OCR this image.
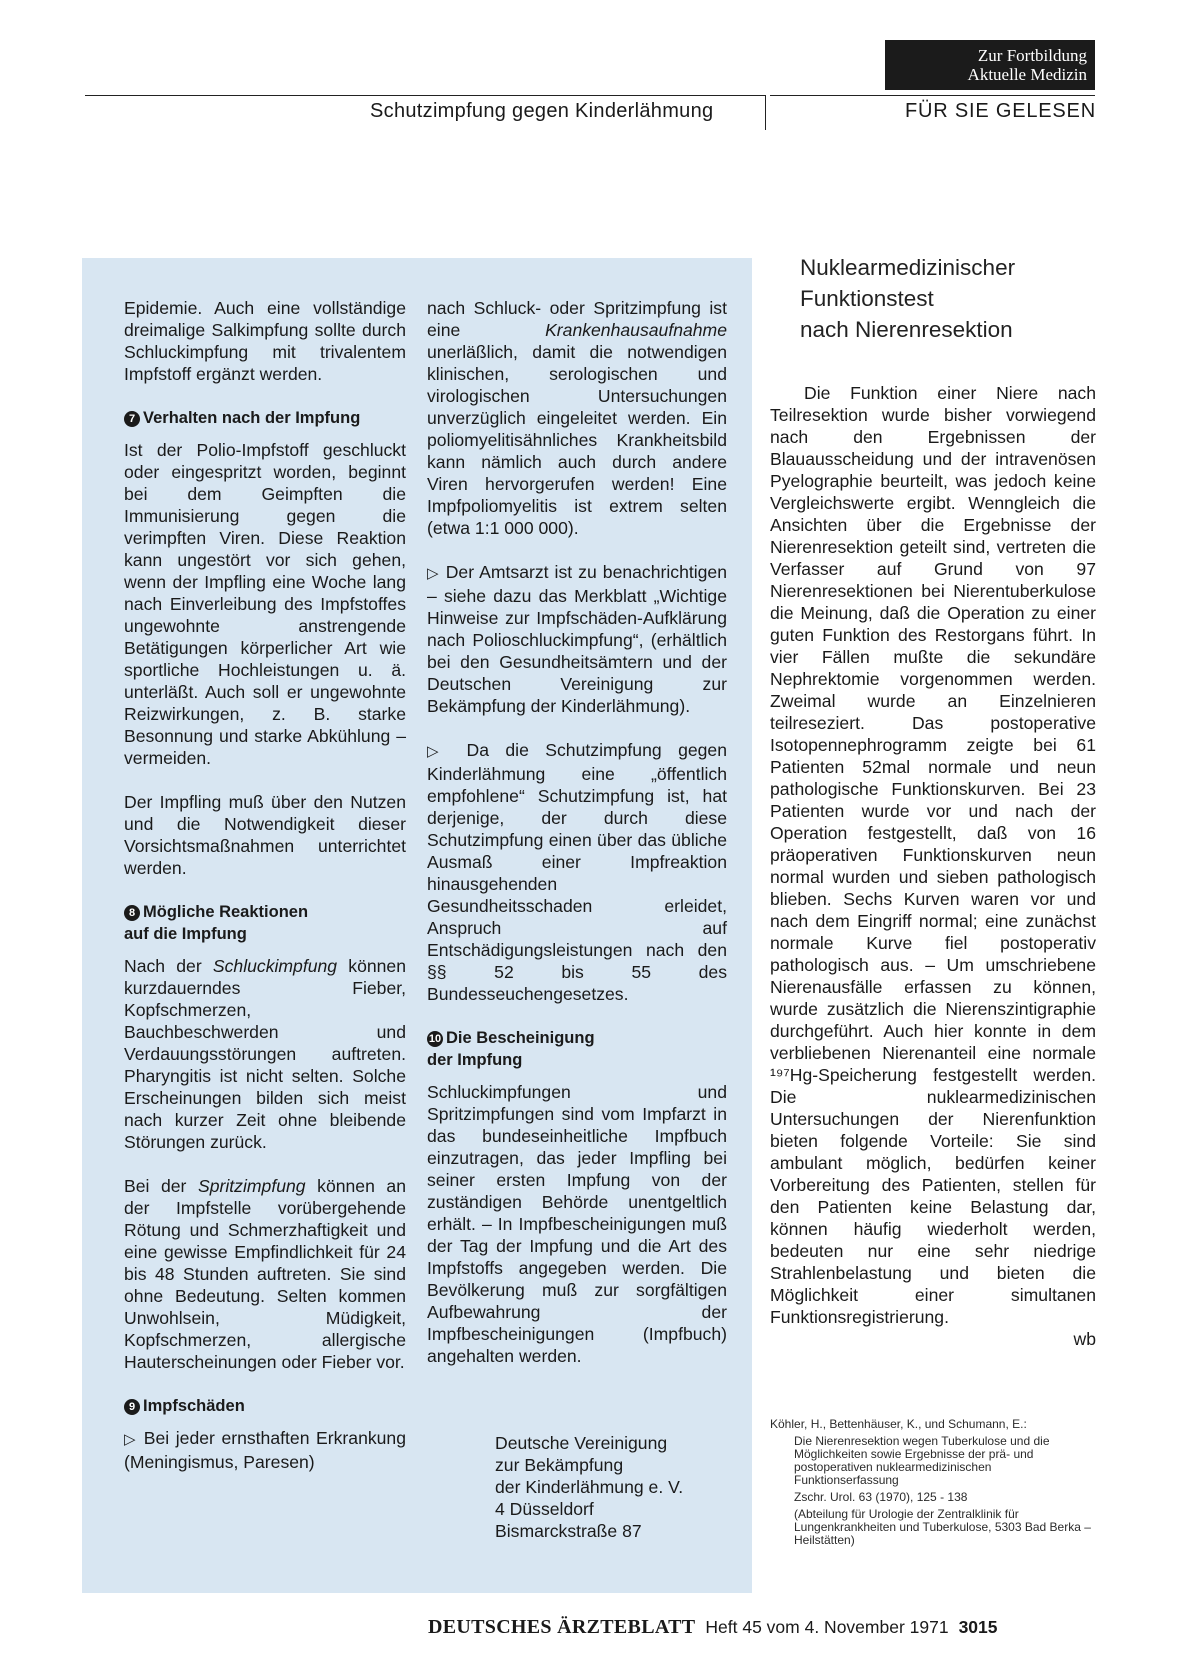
Zur Fortbildung
Aktuelle Medizin
Schutzimpfung gegen Kinderlähmung	FÜR SIE GELESEN

Epidemie. Auch eine vollständige dreimalige Salkimpfung sollte durch Schluckimpfung mit trivalentem Impfstoff ergänzt werden.

7 Verhalten nach der Impfung

Ist der Polio-Impfstoff geschluckt oder eingespritzt worden, beginnt bei dem Geimpften die Immunisierung gegen die verimpften Viren. Diese Reaktion kann ungestört vor sich gehen, wenn der Impfling eine Woche lang nach Einverleibung des Impfstoffes ungewohnte anstrengende Betätigungen körperlicher Art wie sportliche Hochleistungen u. ä. unterläßt. Auch soll er ungewohnte Reizwirkungen, z. B. starke Besonnung und starke Abkühlung – vermeiden.

Der Impfling muß über den Nutzen und die Notwendigkeit dieser Vorsichtsmaßnahmen unterrichtet werden.

8 Mögliche Reaktionen
auf die Impfung

Nach der Schluckimpfung können kurzdauerndes Fieber, Kopfschmerzen, Bauchbeschwerden und Verdauungsstörungen auftreten. Pharyngitis ist nicht selten. Solche Erscheinungen bilden sich meist nach kurzer Zeit ohne bleibende Störungen zurück.

Bei der Spritzimpfung können an der Impfstelle vorübergehende Rötung und Schmerzhaftigkeit und eine gewisse Empfindlichkeit für 24 bis 48 Stunden auftreten. Sie sind ohne Bedeutung. Selten kommen Unwohlsein, Müdigkeit, Kopfschmerzen, allergische Hauterscheinungen oder Fieber vor.

9 Impfschäden

▷ Bei jeder ernsthaften Erkrankung (Meningismus, Paresen)

nach Schluck- oder Spritzimpfung ist eine Krankenhausaufnahme unerläßlich, damit die notwendigen klinischen, serologischen und virologischen Untersuchungen unverzüglich eingeleitet werden. Ein poliomyelitisähnliches Krankheitsbild kann nämlich auch durch andere Viren hervorgerufen werden! Eine Impfpoliomyelitis ist extrem selten (etwa 1:1 000 000).

▷ Der Amtsarzt ist zu benachrichtigen – siehe dazu das Merkblatt „Wichtige Hinweise zur Impfschäden-Aufklärung nach Polioschluckimpfung“, (erhältlich bei den Gesundheitsämtern und der Deutschen Vereinigung zur Bekämpfung der Kinderlähmung).

▷ Da die Schutzimpfung gegen Kinderlähmung eine „öffentlich empfohlene“ Schutzimpfung ist, hat derjenige, der durch diese Schutzimpfung einen über das übliche Ausmaß einer Impfreaktion hinausgehenden Gesundheitsschaden erleidet, Anspruch auf Entschädigungsleistungen nach den §§ 52 bis 55 des Bundesseuchengesetzes.

10 Die Bescheinigung
der Impfung

Schluckimpfungen und Spritzimpfungen sind vom Impfarzt in das bundeseinheitliche Impfbuch einzutragen, das jeder Impfling bei seiner ersten Impfung von der zuständigen Behörde unentgeltlich erhält. – In Impfbescheinigungen muß der Tag der Impfung und die Art des Impfstoffs angegeben werden. Die Bevölkerung muß zur sorgfältigen Aufbewahrung der Impfbescheinigungen (Impfbuch) angehalten werden.

Deutsche Vereinigung
zur Bekämpfung
der Kinderlähmung e. V.
4 Düsseldorf
Bismarckstraße 87
Nuklearmedizinischer
Funktionstest
nach Nierenresektion

Die Funktion einer Niere nach Teilresektion wurde bisher vorwiegend nach den Ergebnissen der Blauausscheidung und der intravenösen Pyelographie beurteilt, was jedoch keine Vergleichswerte ergibt. Wenngleich die Ansichten über die Ergebnisse der Nierenresektion geteilt sind, vertreten die Verfasser auf Grund von 97 Nierenresektionen bei Nierentuberkulose die Meinung, daß die Operation zu einer guten Funktion des Restorgans führt. In vier Fällen mußte die sekundäre Nephrektomie vorgenommen werden. Zweimal wurde an Einzelnieren teilreseziert. Das postoperative Isotopennephrogramm zeigte bei 61 Patienten 52mal normale und neun pathologische Funktionskurven. Bei 23 Patienten wurde vor und nach der Operation festgestellt, daß von 16 präoperativen Funktionskurven neun normal wurden und sieben pathologisch blieben. Sechs Kurven waren vor und nach dem Eingriff normal; eine zunächst normale Kurve fiel postoperativ pathologisch aus. – Um umschriebene Nierenausfälle erfassen zu können, wurde zusätzlich die Nierenszintigraphie durchgeführt. Auch hier konnte in dem verbliebenen Nierenanteil eine normale ¹⁹⁷Hg-Speicherung festgestellt werden. Die nuklearmedizinischen Untersuchungen der Nierenfunktion bieten folgende Vorteile: Sie sind ambulant möglich, bedürfen keiner Vorbereitung des Patienten, stellen für den Patienten keine Belastung dar, können häufig wiederholt werden, bedeuten nur eine sehr niedrige Strahlenbelastung und bieten die Möglichkeit einer simultanen Funktionsregistrierung.

wb
Köhler, H., Bettenhäuser, K., und Schumann, E.:
Die Nierenresektion wegen Tuberkulose und die Möglichkeiten sowie Ergebnisse der prä- und postoperativen nuklearmedizinischen Funktionserfassung
Zschr. Urol. 63 (1970), 125 - 138
(Abteilung für Urologie der Zentralklinik für Lungenkrankheiten und Tuberkulose, 5303 Bad Berka – Heilstätten)
DEUTSCHES ÄRZTEBLATT Heft 45 vom 4. November 1971 3015
